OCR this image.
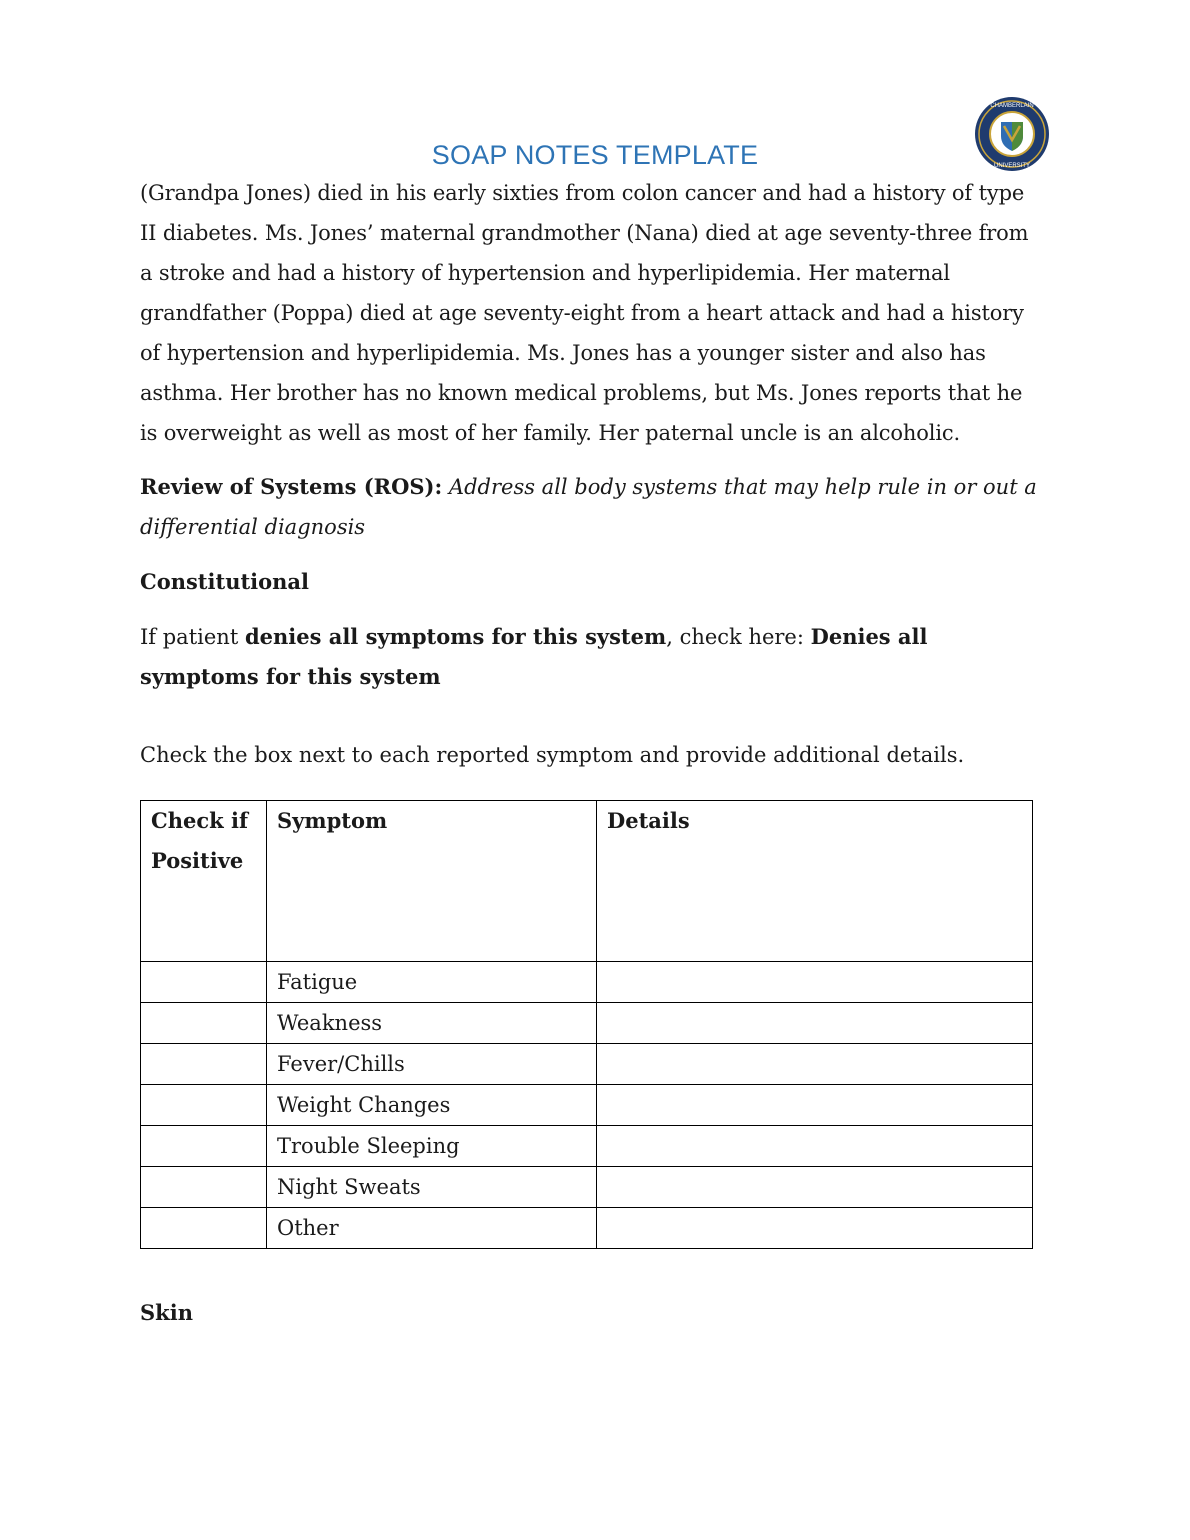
SOAP NOTES TEMPLATE
CHAMBERLAIN
UNIVERSITY

(Grandpa Jones) died in his early sixties from colon cancer and had a history of type II diabetes. Ms. Jones’ maternal grandmother (Nana) died at age seventy-three from a stroke and had a history of hypertension and hyperlipidemia. Her maternal grandfather (Poppa) died at age seventy-eight from a heart attack and had a history of hypertension and hyperlipidemia. Ms. Jones has a younger sister and also has asthma. Her brother has no known medical problems, but Ms. Jones reports that he is overweight as well as most of her family. Her paternal uncle is an alcoholic.

Review of Systems (ROS): Address all body systems that may help rule in or out a differential diagnosis

Constitutional

If patient denies all symptoms for this system, check here: Denies all symptoms for this system

Check the box next to each reported symptom and provide additional details.

Check if Positive	Symptom	Details
	Fatigue	
	Weakness	
	Fever/Chills	
	Weight Changes	
	Trouble Sleeping	
	Night Sweats	
	Other	
Skin
